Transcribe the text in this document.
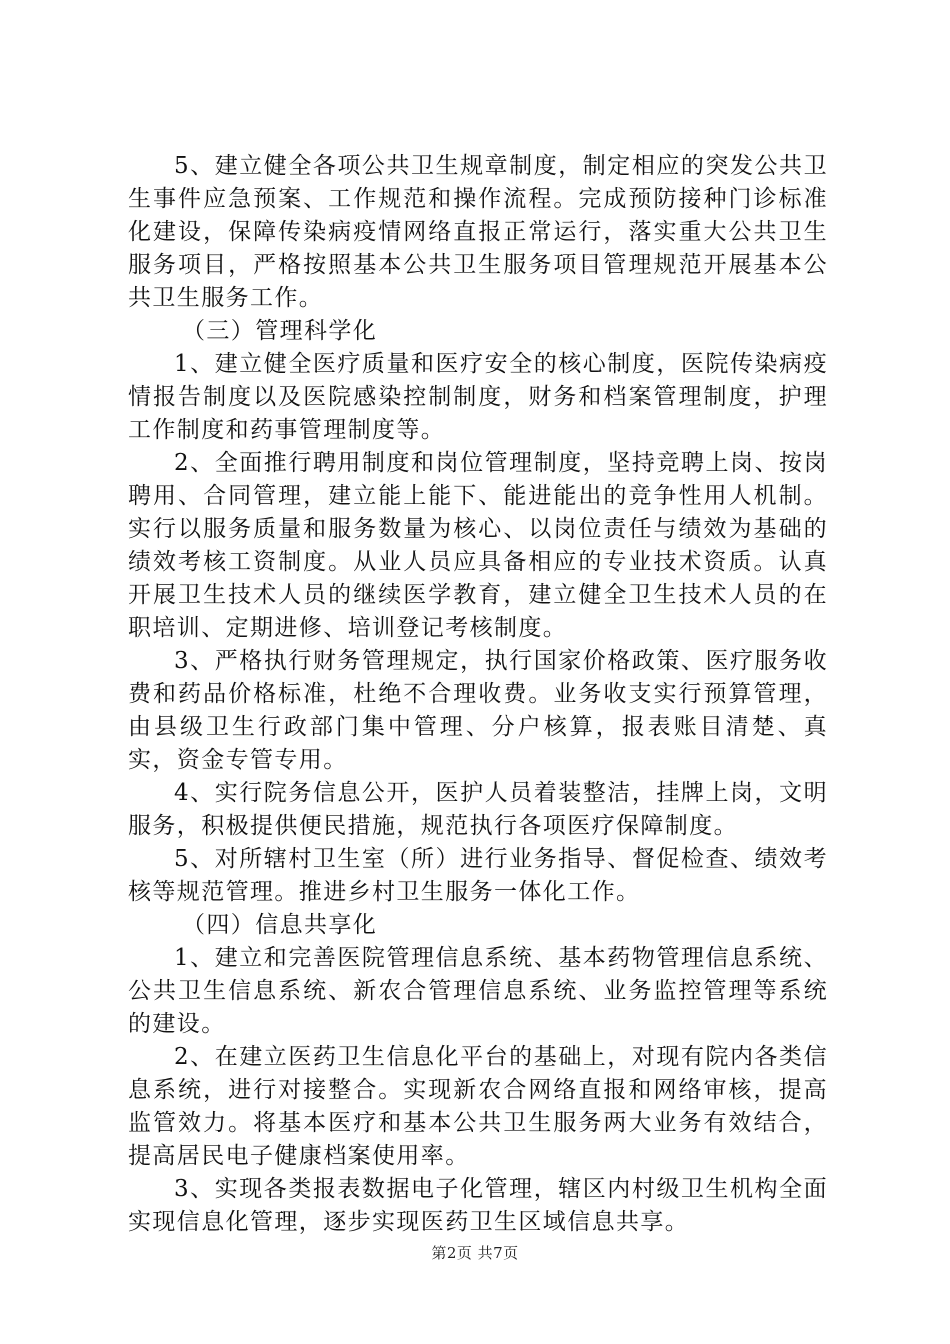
5、建立健全各项公共卫生规章制度，制定相应的突发公共卫生事件应急预案、工作规范和操作流程。完成预防接种门诊标准化建设，保障传染病疫情网络直报正常运行，落实重大公共卫生服务项目，严格按照基本公共卫生服务项目管理规范开展基本公共卫生服务工作。

（三）管理科学化

1、建立健全医疗质量和医疗安全的核心制度，医院传染病疫情报告制度以及医院感染控制制度，财务和档案管理制度，护理工作制度和药事管理制度等。

2、全面推行聘用制度和岗位管理制度，坚持竞聘上岗、按岗聘用、合同管理，建立能上能下、能进能出的竞争性用人机制。实行以服务质量和服务数量为核心、以岗位责任与绩效为基础的绩效考核工资制度。从业人员应具备相应的专业技术资质。认真开展卫生技术人员的继续医学教育，建立健全卫生技术人员的在职培训、定期进修、培训登记考核制度。

3、严格执行财务管理规定，执行国家价格政策、医疗服务收费和药品价格标准，杜绝不合理收费。业务收支实行预算管理，由县级卫生行政部门集中管理、分户核算，报表账目清楚、真实，资金专管专用。

4、实行院务信息公开，医护人员着装整洁，挂牌上岗，文明服务，积极提供便民措施，规范执行各项医疗保障制度。

5、对所辖村卫生室（所）进行业务指导、督促检查、绩效考核等规范管理。推进乡村卫生服务一体化工作。

（四）信息共享化

1、建立和完善医院管理信息系统、基本药物管理信息系统、公共卫生信息系统、新农合管理信息系统、业务监控管理等系统的建设。

2、在建立医药卫生信息化平台的基础上，对现有院内各类信息系统，进行对接整合。实现新农合网络直报和网络审核，提高监管效力。将基本医疗和基本公共卫生服务两大业务有效结合，提高居民电子健康档案使用率。

3、实现各类报表数据电子化管理，辖区内村级卫生机构全面实现信息化管理，逐步实现医药卫生区域信息共享。

第2页 共7页
